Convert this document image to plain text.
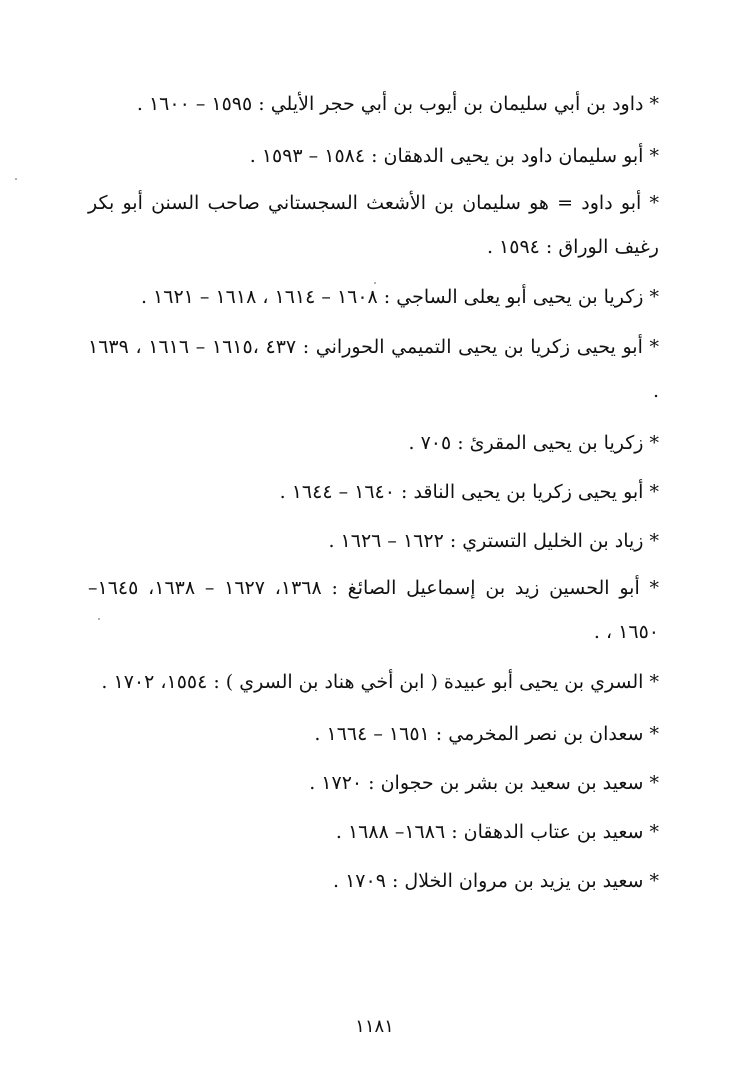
* داود بن أبي سليمان بن أيوب بن أبي حجر الأيلي : ١٥٩٥ – ١٦٠٠ .
* أبو سليمان داود بن يحيى الدهقان : ١٥٨٤ – ١٥٩٣ .
* أبو داود = هو سليمان بن الأشعث السجستاني صاحب السنن أبو بكر رغيف الوراق : ١٥٩٤ .
* زكريا بن يحيى أبو يعلى الساجي : ١٦٠٨ – ١٦١٤ ، ١٦١٨ – ١٦٢١ .
* أبو يحيى زكريا بن يحيى التميمي الحوراني : ٤٣٧ ،١٦١٥ – ١٦١٦ ، ١٦٣٩ .
* زكريا بن يحيى المقرئ : ٧٠٥ .
* أبو يحيى زكريا بن يحيى الناقد : ١٦٤٠ – ١٦٤٤ .
* زياد بن الخليل التستري : ١٦٢٢ – ١٦٢٦ .
* أبو الحسين زيد بن إسماعيل الصائغ : ١٣٦٨، ١٦٢٧ – ١٦٣٨، ١٦٤٥– ١٦٥٠ ، .
* السري بن يحيى أبو عبيدة ( ابن أخي هناد بن السري ) : ١٥٥٤، ١٧٠٢ .
* سعدان بن نصر المخرمي : ١٦٥١ – ١٦٦٤ .
* سعيد بن سعيد بن بشر بن حجوان : ١٧٢٠ .
* سعيد بن عتاب الدهقان : ١٦٨٦– ١٦٨٨ .
* سعيد بن يزيد بن مروان الخلال : ١٧٠٩ .
١١٨١
